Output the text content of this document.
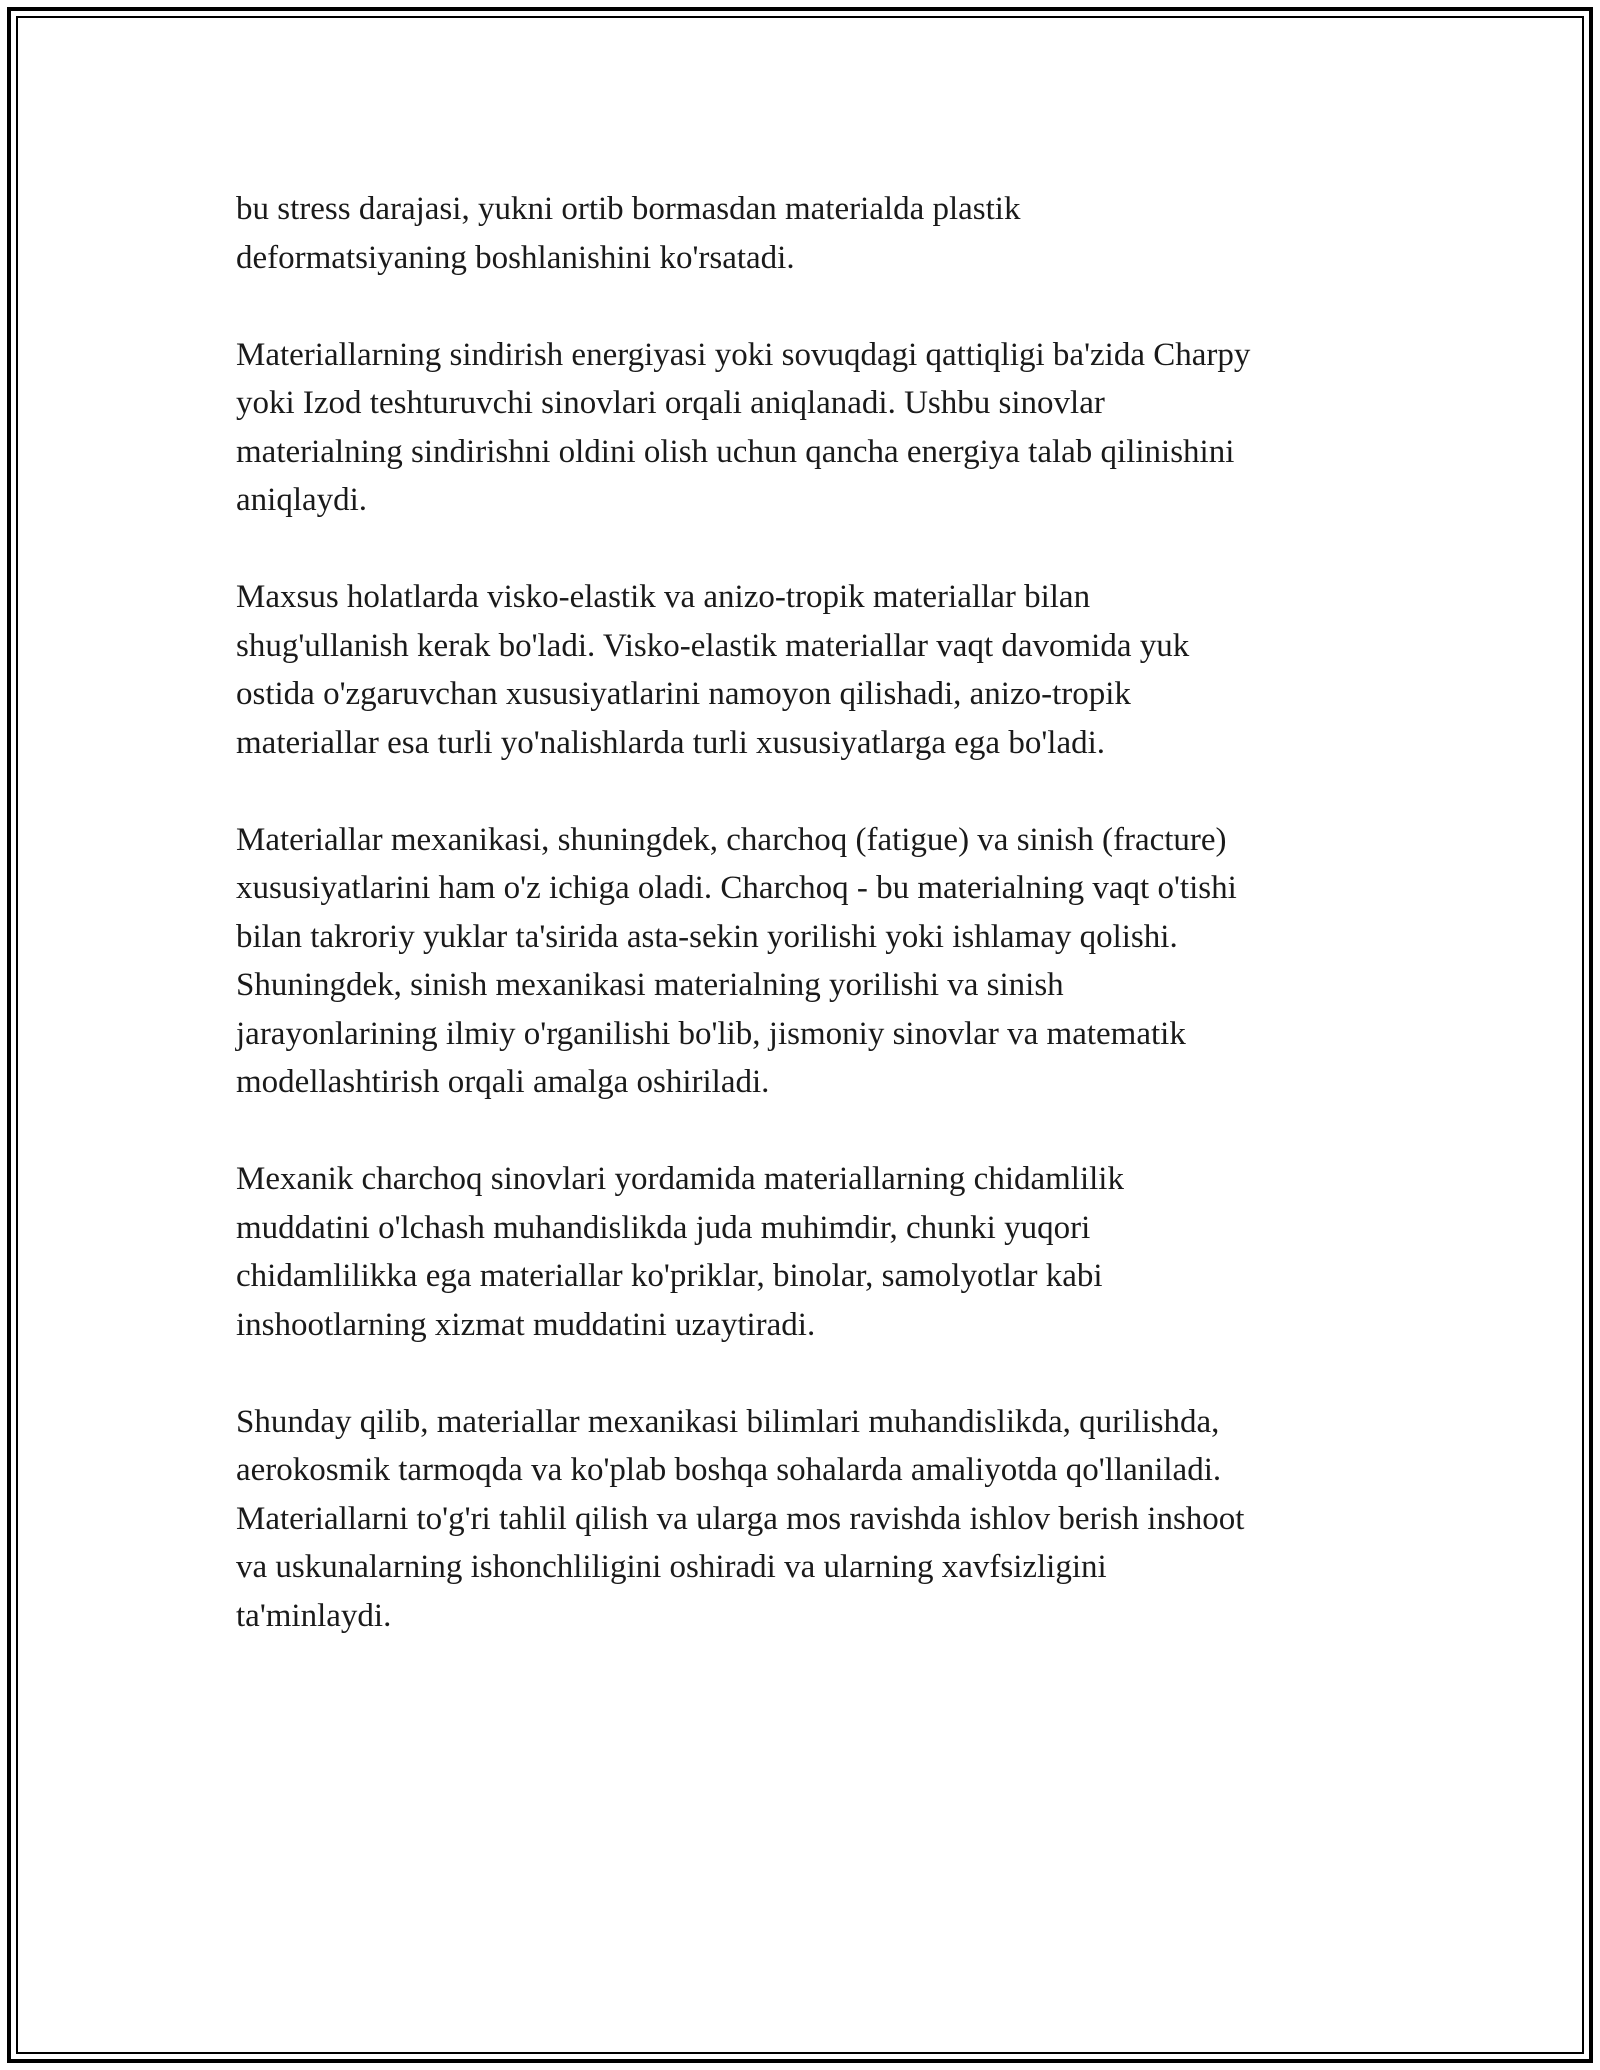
bu stress darajasi, yukni ortib bormasdan materialda plastik
deformatsiyaning boshlanishini ko'rsatadi.

Materiallarning sindirish energiyasi yoki sovuqdagi qattiqligi ba'zida Charpy
yoki Izod teshturuvchi sinovlari orqali aniqlanadi. Ushbu sinovlar
materialning sindirishni oldini olish uchun qancha energiya talab qilinishini
aniqlaydi.

Maxsus holatlarda visko-elastik va anizo-tropik materiallar bilan
shug'ullanish kerak bo'ladi. Visko-elastik materiallar vaqt davomida yuk
ostida o'zgaruvchan xususiyatlarini namoyon qilishadi, anizo-tropik
materiallar esa turli yo'nalishlarda turli xususiyatlarga ega bo'ladi.

Materiallar mexanikasi, shuningdek, charchoq (fatigue) va sinish (fracture)
xususiyatlarini ham o'z ichiga oladi. Charchoq - bu materialning vaqt o'tishi
bilan takroriy yuklar ta'sirida asta-sekin yorilishi yoki ishlamay qolishi.
Shuningdek, sinish mexanikasi materialning yorilishi va sinish
jarayonlarining ilmiy o'rganilishi bo'lib, jismoniy sinovlar va matematik
modellashtirish orqali amalga oshiriladi.

Mexanik charchoq sinovlari yordamida materiallarning chidamlilik
muddatini o'lchash muhandislikda juda muhimdir, chunki yuqori
chidamlilikka ega materiallar ko'priklar, binolar, samolyotlar kabi
inshootlarning xizmat muddatini uzaytiradi.

Shunday qilib, materiallar mexanikasi bilimlari muhandislikda, qurilishda,
aerokosmik tarmoqda va ko'plab boshqa sohalarda amaliyotda qo'llaniladi.
Materiallarni to'g'ri tahlil qilish va ularga mos ravishda ishlov berish inshoot
va uskunalarning ishonchliligini oshiradi va ularning xavfsizligini
ta'minlaydi.
